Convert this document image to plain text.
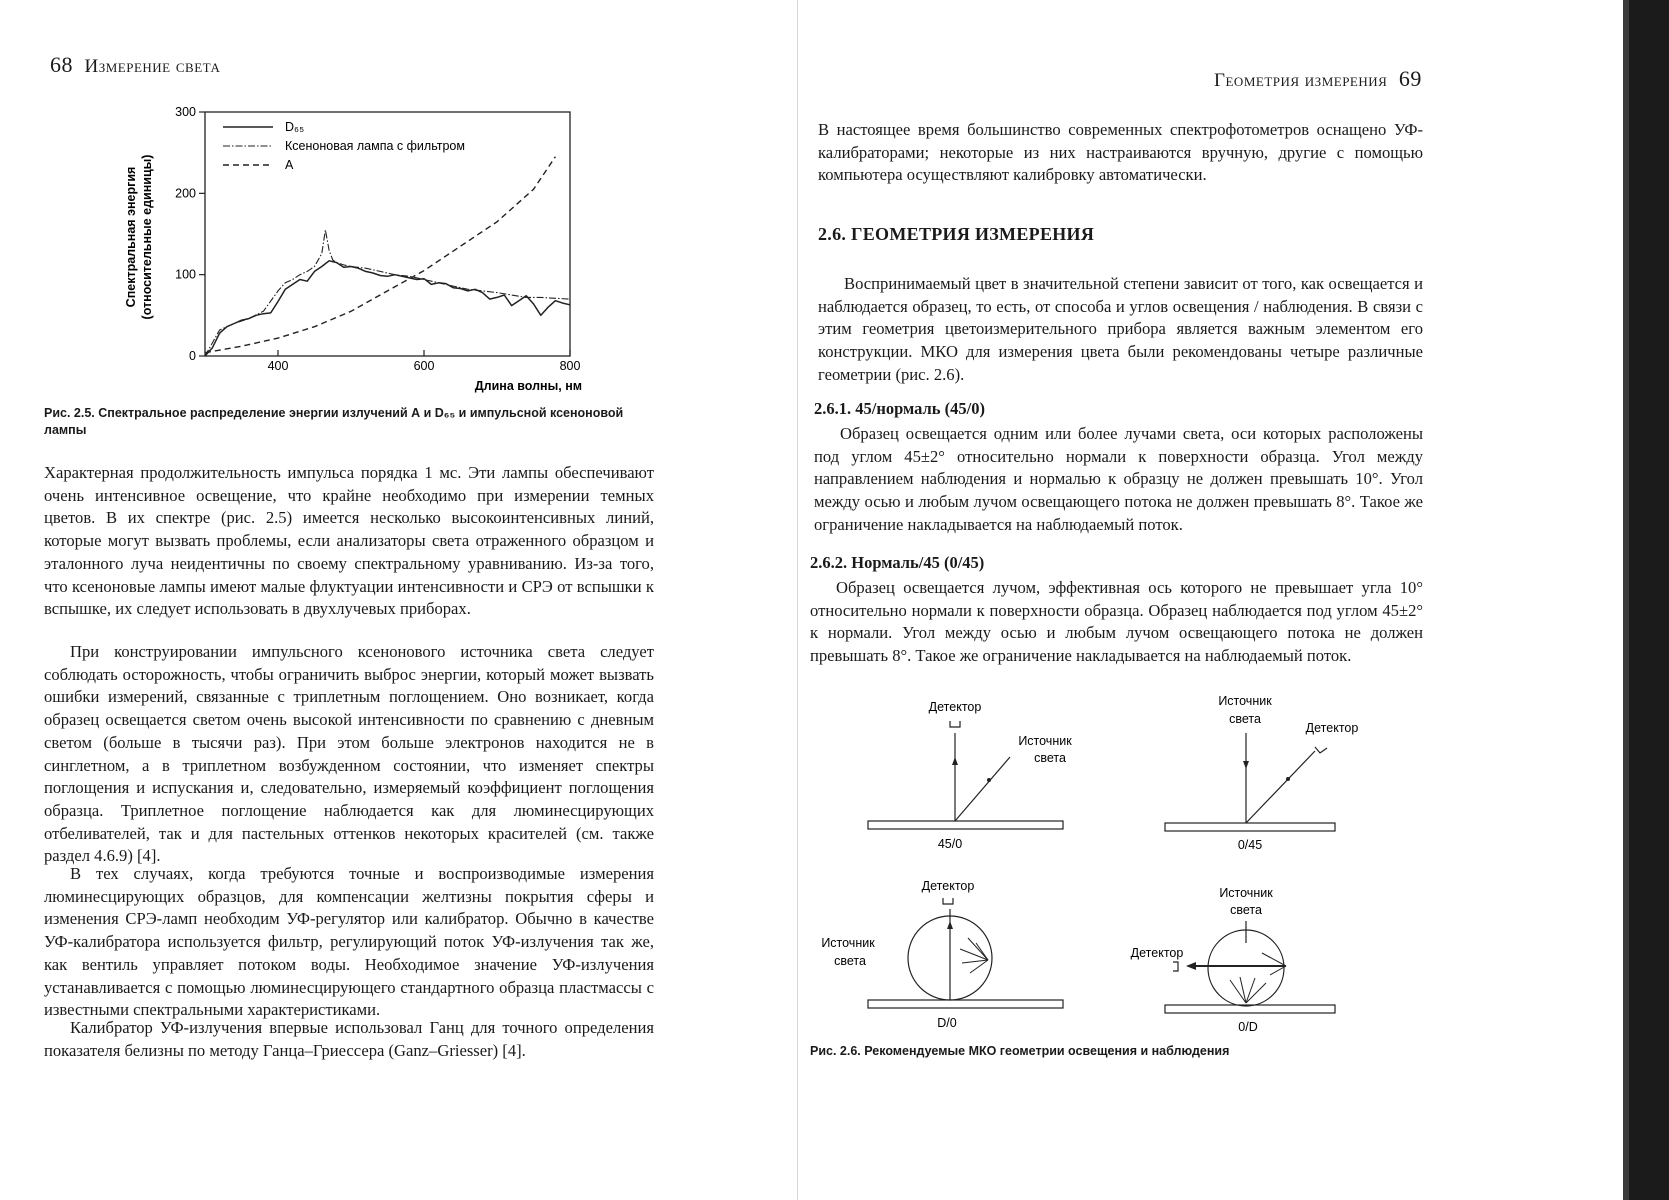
68 Измерение света
0
100
200
300
400	600	800
D₆₅
Ксеноновая лампа с фильтром
A
Длина волны, нм
Спектральная энергия (относительные единицы)
Рис. 2.5. Спектральное распределение энергии излучений А и D₆₅ и импульсной ксеноновой лампы

Характерная продолжительность импульса порядка 1 мс. Эти лампы обеспечивают очень интенсивное освещение, что крайне необходимо при измерении темных цветов. В их спектре (рис. 2.5) имеется несколько высокоинтенсивных линий, которые могут вызвать проблемы, если анализаторы света отраженного образцом и эталонного луча неидентичны по своему спектральному уравниванию. Из-за того, что ксеноновые лампы имеют малые флуктуации интенсивности и СРЭ от вспышки к вспышке, их следует использовать в двухлучевых приборах.

При конструировании импульсного ксенонового источника света следует соблюдать осторожность, чтобы ограничить выброс энергии, который может вызвать ошибки измерений, связанные с триплетным поглощением. Оно возникает, когда образец освещается светом очень высокой интенсивности по сравнению с дневным светом (больше в тысячи раз). При этом больше электронов находится не в синглетном, а в триплетном возбужденном состоянии, что изменяет спектры поглощения и испускания и, следовательно, измеряемый коэффициент поглощения образца. Триплетное поглощение наблюдается как для люминесцирующих отбеливателей, так и для пастельных оттенков некоторых красителей (см. также раздел 4.6.9) [4].

В тех случаях, когда требуются точные и воспроизводимые измерения люминесцирующих образцов, для компенсации желтизны покрытия сферы и изменения СРЭ-ламп необходим УФ-регулятор или калибратор. Обычно в качестве УФ-калибратора используется фильтр, регулирующий поток УФ-излучения так же, как вентиль управляет потоком воды. Необходимое значение УФ-излучения устанавливается с помощью люминесцирующего стандартного образца пластмассы с известными спектральными характеристиками.

Калибратор УФ-излучения впервые использовал Ганц для точного определения показателя белизны по методу Ганца–Гриессера (Ganz–Griesser) [4].

Геометрия измерения 69

В настоящее время большинство современных спектрофотометров оснащено УФ-калибраторами; некоторые из них настраиваются вручную, другие с помощью компьютера осуществляют калибровку автоматически.

2.6. ГЕОМЕТРИЯ ИЗМЕРЕНИЯ

Воспринимаемый цвет в значительной степени зависит от того, как освещается и наблюдается образец, то есть, от способа и углов освещения / наблюдения. В связи с этим геометрия цветоизмерительного прибора является важным элементом его конструкции. МКО для измерения цвета были рекомендованы четыре различные геометрии (рис. 2.6).

2.6.1. 45/нормаль (45/0)

Образец освещается одним или более лучами света, оси которых расположены под углом 45±2° относительно нормали к поверхности образца. Угол между направлением наблюдения и нормалью к образцу не должен превышать 10°. Угол между осью и любым лучом освещающего потока не должен превышать 8°. Такое же ограничение накладывается на наблюдаемый поток.

2.6.2. Нормаль/45 (0/45)

Образец освещается лучом, эффективная ось которого не превышает угла 10° относительно нормали к поверхности образца. Образец наблюдается под углом 45±2° к нормали. Угол между осью и любым лучом освещающего потока не должен превышать 8°. Такое же ограничение накладывается на наблюдаемый поток.

Детектор
Источник
света
45/0
Источник
света
Детектор
0/45
Детектор
Источник
света
D/0
Источник
света
Детектор
0/D
Рис. 2.6. Рекомендуемые МКО геометрии освещения и наблюдения
